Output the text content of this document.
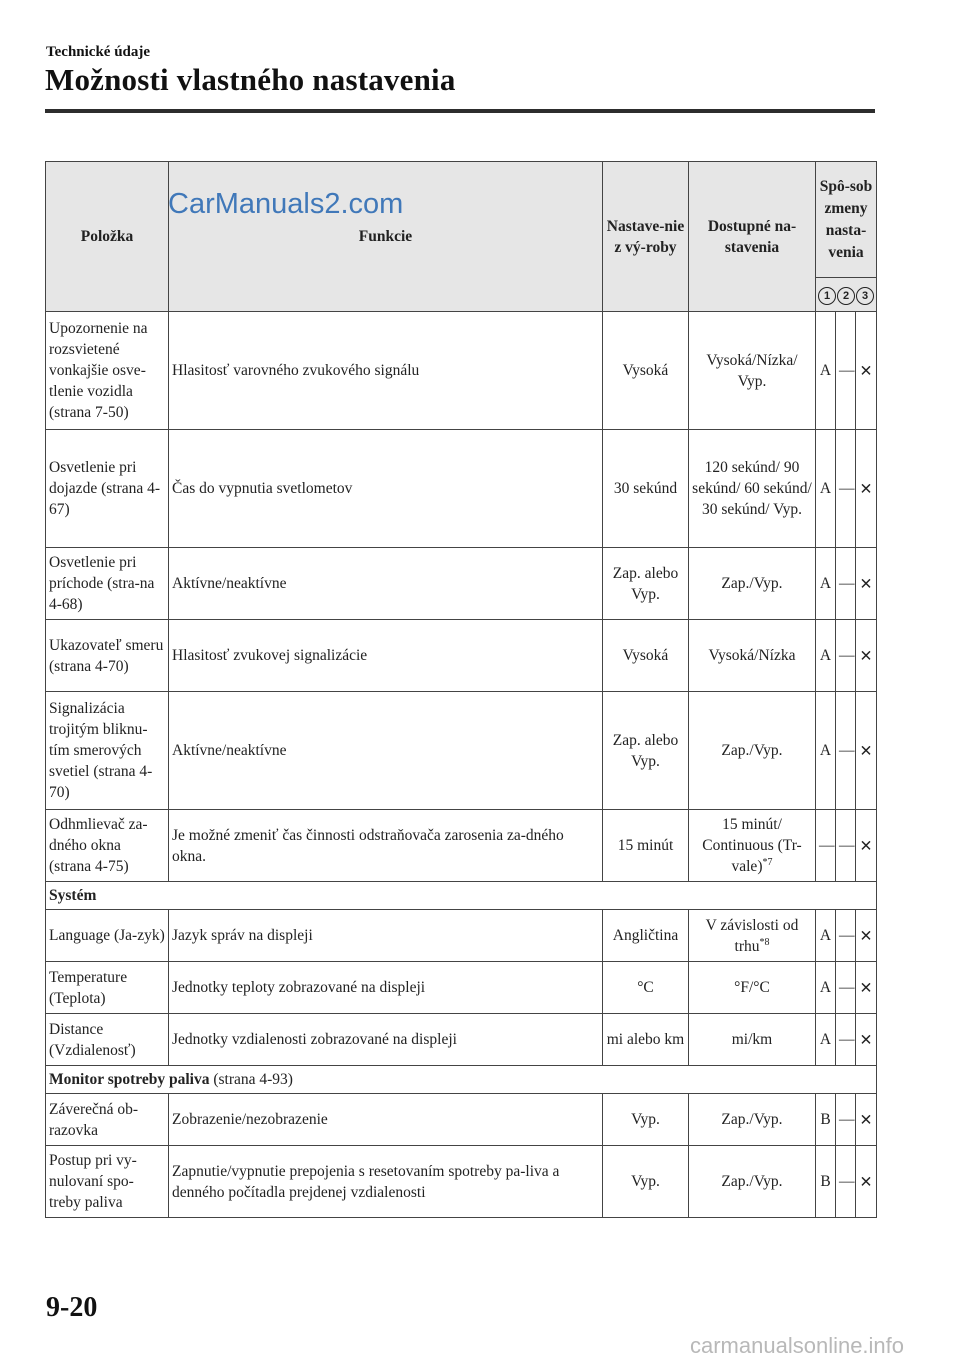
Technické údaje
Možnosti vlastného nastavenia
Položka	Funkcie	Nastave-nie z vý-roby	Dostupné na-stavenia	Spô-sob zmeny nasta-venia		
				1 2 3		
Upozornenie na rozsvietené vonkajšie osve-tlenie vozidla (strana 7-50)	Hlasitosť varovného zvukového signálu	Vysoká	Vysoká/Nízka/ Vyp.	A	—	✕
Osvetlenie pri dojazde (strana 4-67)	Čas do vypnutia svetlometov	30 sekúnd	120 sekúnd/ 90 sekúnd/ 60 sekúnd/ 30 sekúnd/ Vyp.	A	—	✕
Osvetlenie pri príchode (stra-na 4-68)	Aktívne/neaktívne	Zap. alebo Vyp.	Zap./Vyp.	A	—	✕
Ukazovateľ smeru (strana 4-70)	Hlasitosť zvukovej signalizácie	Vysoká	Vysoká/Nízka	A	—	✕
Signalizácia trojitým bliknu-tím smerových svetiel (strana 4-70)	Aktívne/neaktívne	Zap. alebo Vyp.	Zap./Vyp.	A	—	✕
Odhmlievač za-dného okna (strana 4-75)	Je možné zmeniť čas činnosti odstraňovača zarosenia za-dného okna.	15 minút	15 minút/ Continuous (Tr-vale)$^{*7}$	—	—	✕
Systém						
Language (Ja-zyk)	Jazyk správ na displeji	Angličtina	V závislosti od trhu$^{*8}$	A	—	✕
Temperature (Teplota)	Jednotky teploty zobrazované na displeji	°C	°F/°C	A	—	✕
Distance (Vzdialenosť)	Jednotky vzdialenosti zobrazované na displeji	mi alebo km	mi/km	A	—	✕
Monitor spotreby paliva (strana 4-93)						
Záverečná ob-razovka	Zobrazenie/nezobrazenie	Vyp.	Zap./Vyp.	B	—	✕
Postup pri vy-nulovaní spo-treby paliva	Zapnutie/vypnutie prepojenia s resetovaním spotreby pa-liva a denného počítadla prejdenej vzdialenosti	Vyp.	Zap./Vyp.	B	—	✕
CarManuals2.com
9-20
carmanualsonline.info
